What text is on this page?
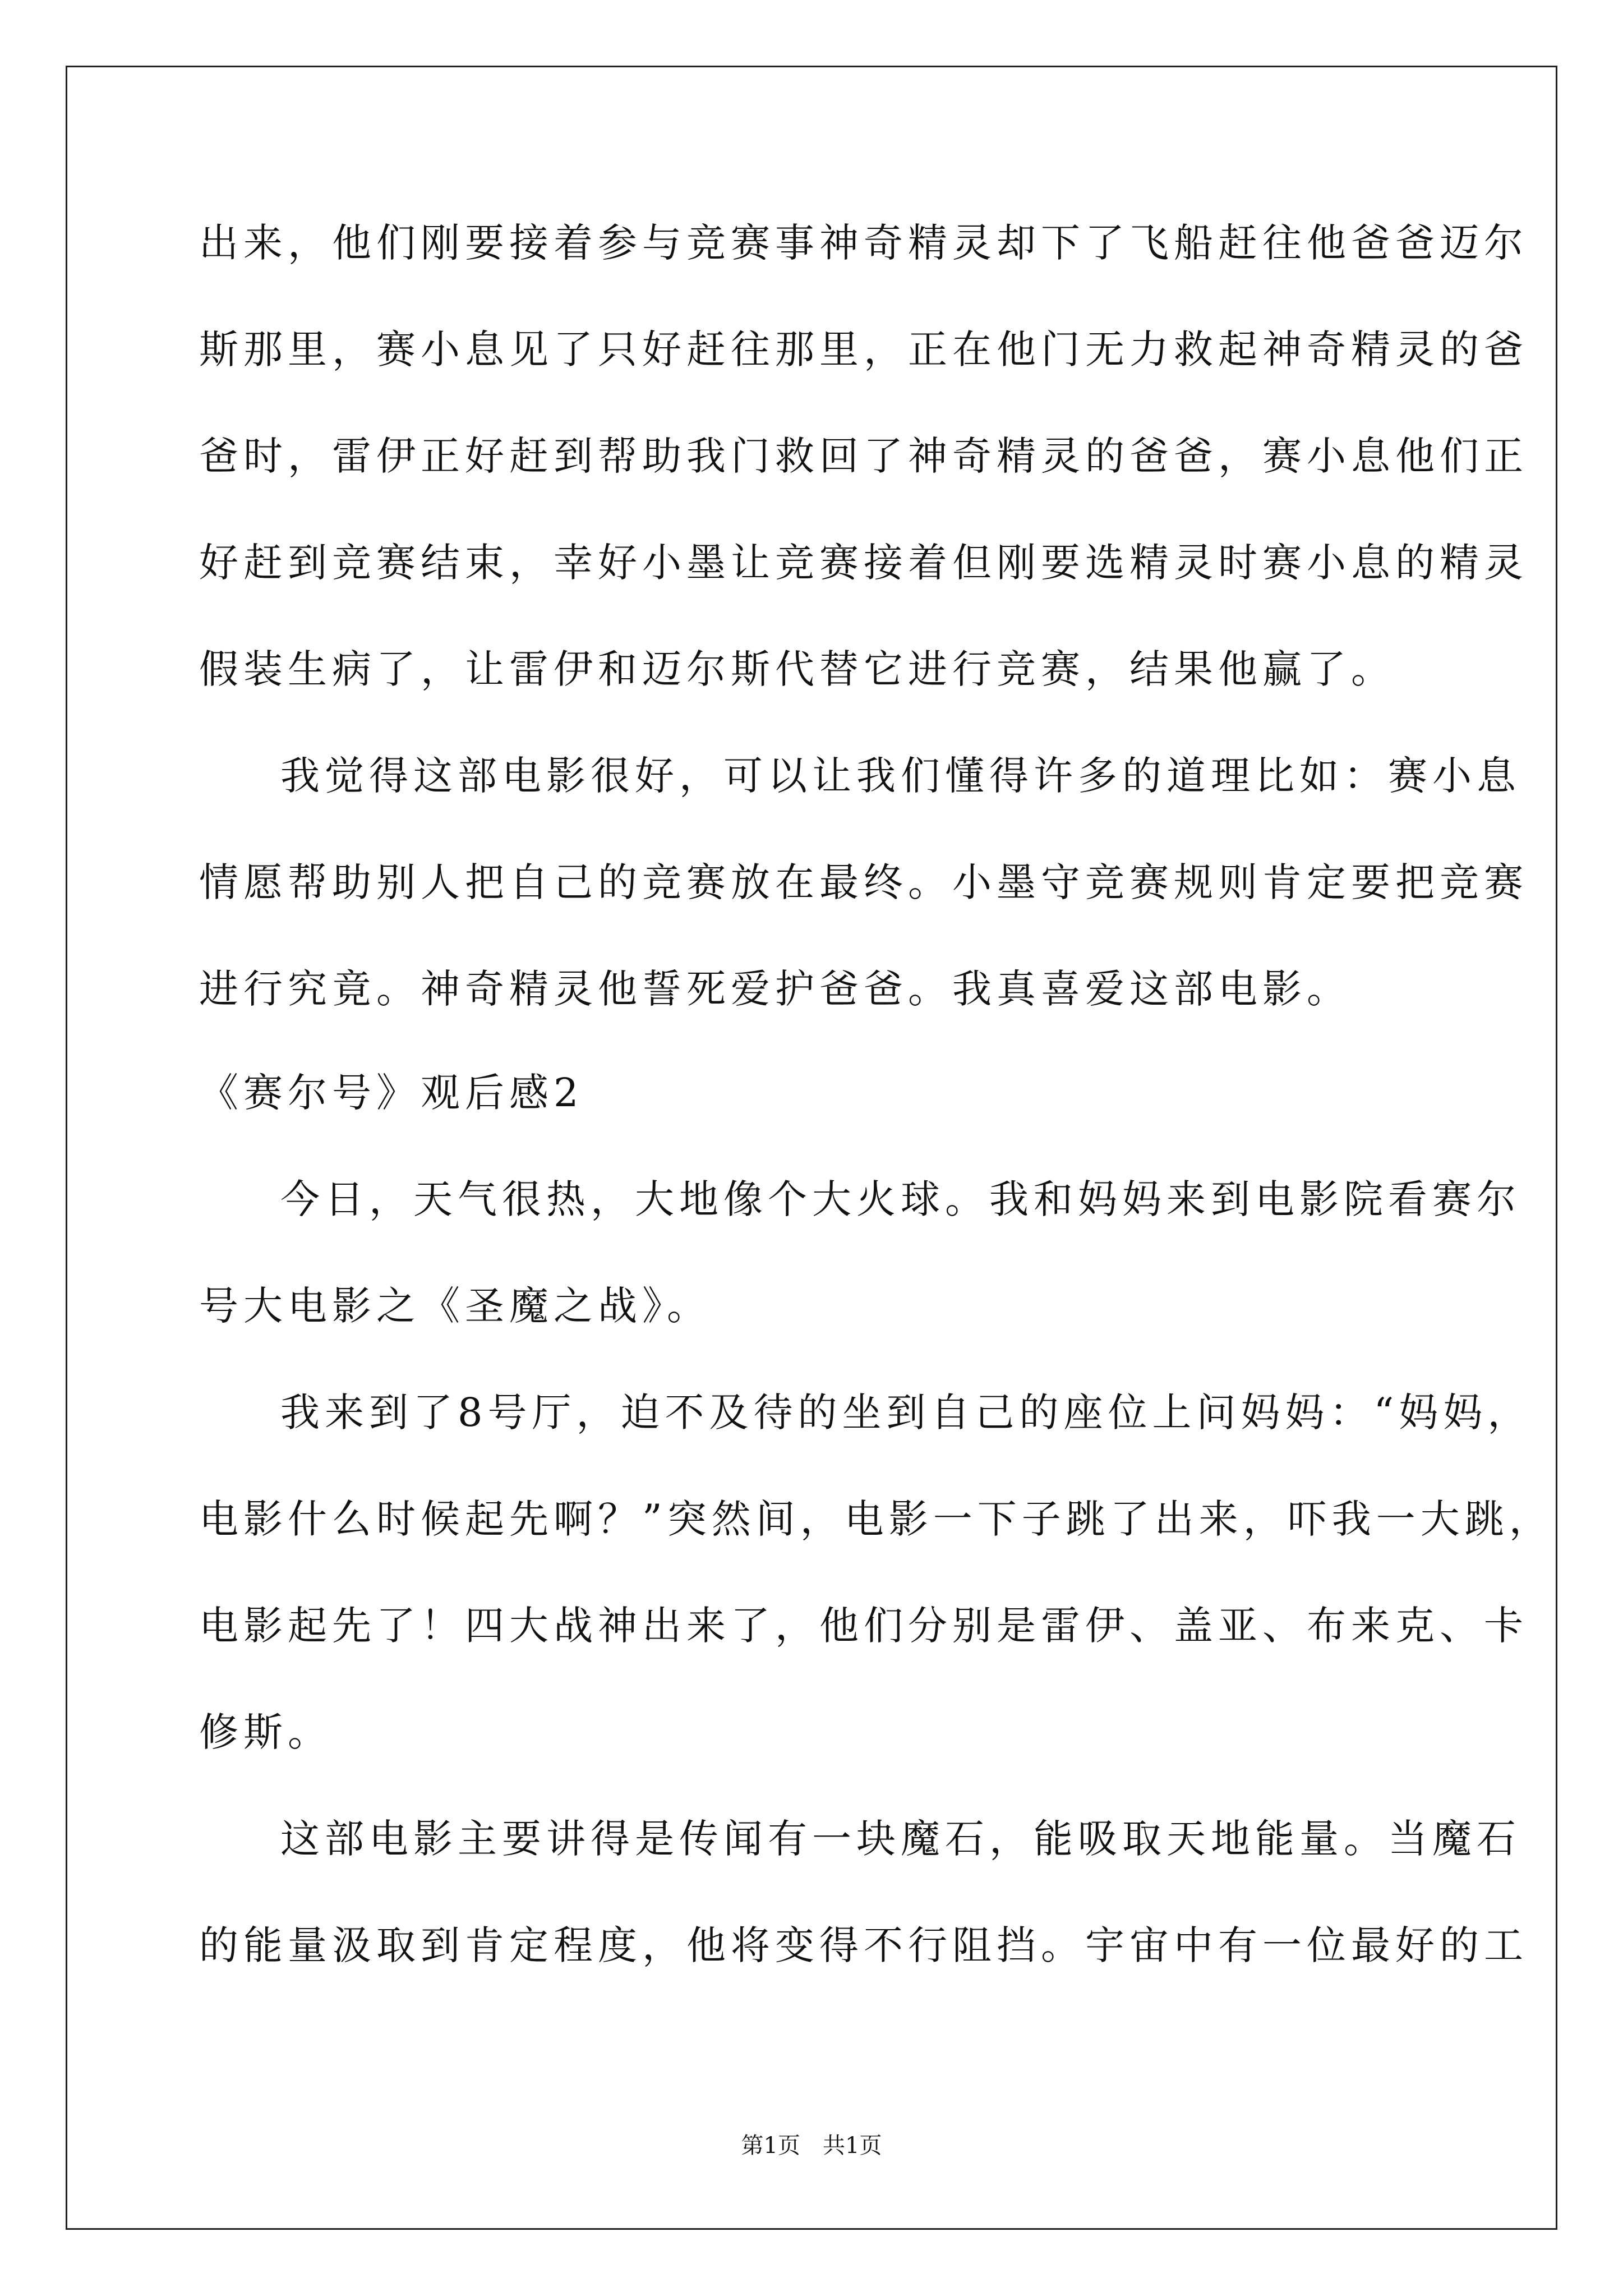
出来，他们刚要接着参与竞赛事神奇精灵却下了飞船赶往他爸爸迈尔
斯那里，赛小息见了只好赶往那里，正在他门无力救起神奇精灵的爸
爸时，雷伊正好赶到帮助我门救回了神奇精灵的爸爸，赛小息他们正
好赶到竞赛结束，幸好小墨让竞赛接着但刚要选精灵时赛小息的精灵
假装生病了，让雷伊和迈尔斯代替它进行竞赛，结果他赢了。
我觉得这部电影很好，可以让我们懂得许多的道理比如：赛小息
情愿帮助别人把自己的竞赛放在最终。小墨守竞赛规则肯定要把竞赛
进行究竟。神奇精灵他誓死爱护爸爸。我真喜爱这部电影。
《赛尔号》观后感2
今日，天气很热，大地像个大火球。我和妈妈来到电影院看赛尔
号大电影之《圣魔之战》。
我来到了8号厅，迫不及待的坐到自己的座位上问妈妈：“妈妈，
电影什么时候起先啊？”突然间，电影一下子跳了出来，吓我一大跳，
电影起先了！四大战神出来了，他们分别是雷伊、盖亚、布来克、卡
修斯。
这部电影主要讲得是传闻有一块魔石，能吸取天地能量。当魔石
的能量汲取到肯定程度，他将变得不行阻挡。宇宙中有一位最好的工
第1页　共1页
